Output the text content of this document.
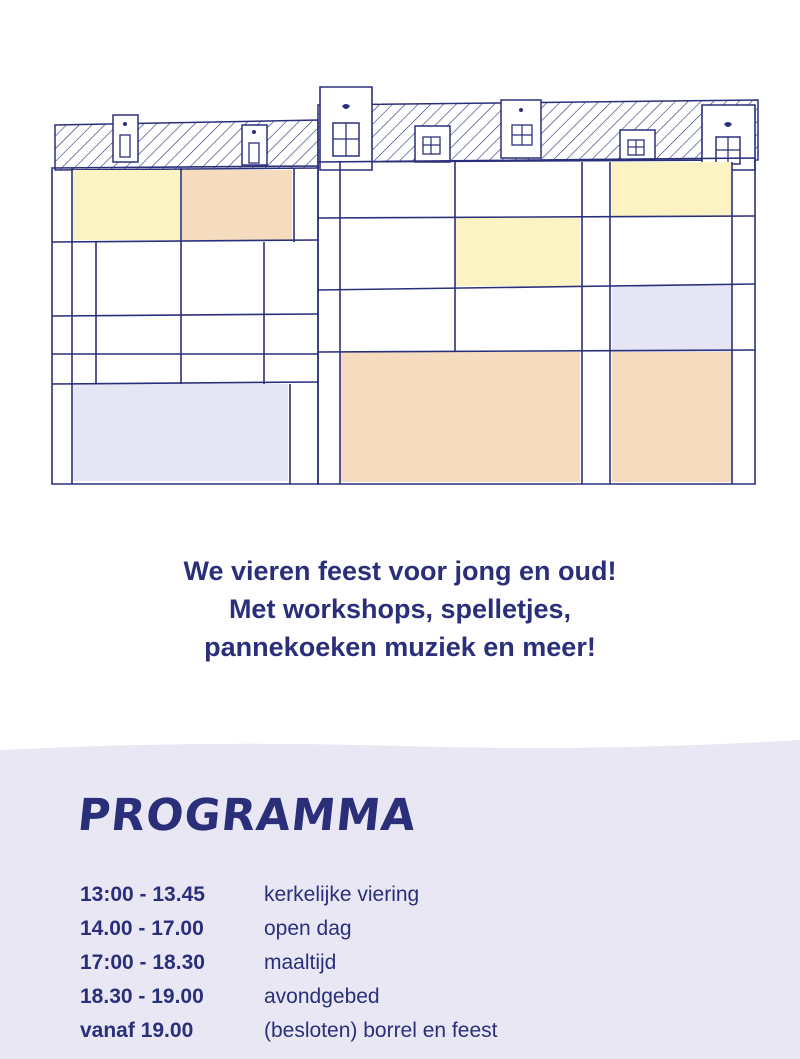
We vieren feest voor jong en oud!
Met workshops, spelletjes,
pannekoeken muziek en meer!
PROGRAMMA
13:00 - 13.45	kerkelijke viering
14.00 - 17.00	open dag
17:00 - 18.30	maaltijd
18.30 - 19.00	avondgebed
vanaf 19.00	(besloten) borrel en feest
